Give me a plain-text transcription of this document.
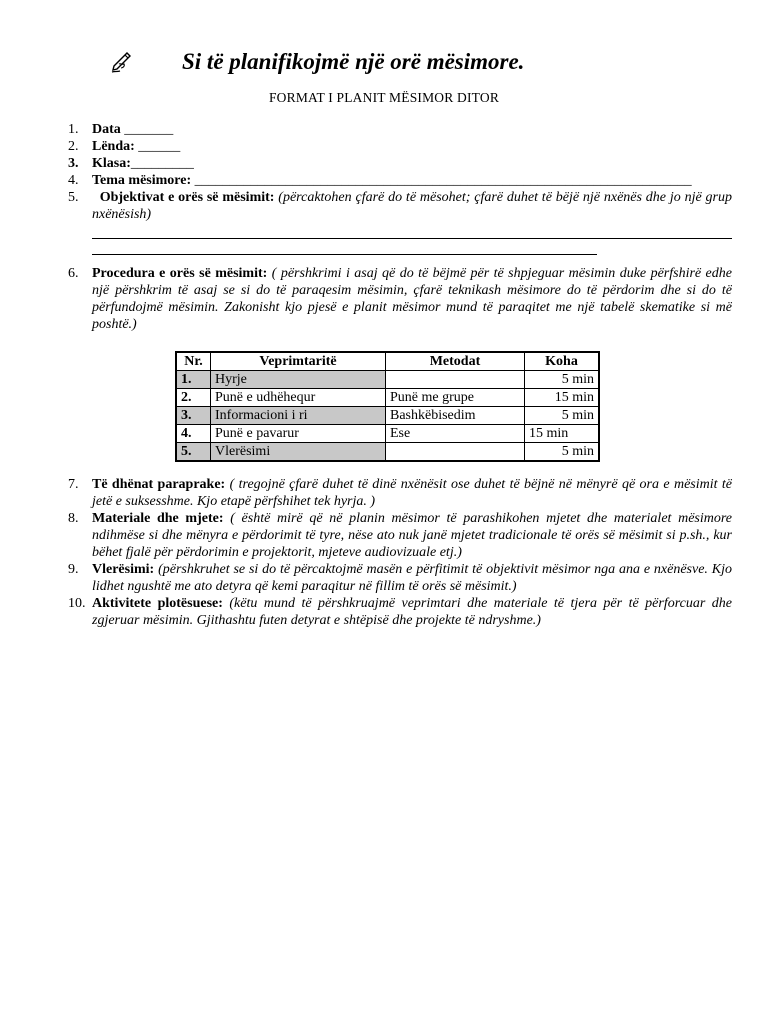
Si të planifikojmë një orë mësimore.
FORMAT I PLANIT MËSIMOR DITOR
1. Data _______
2. Lënda: ______
3. Klasa:_________
4. Tema mësimore: _______________________________________________________________________
5.	Objektivat e orës së mësimit: (përcaktohen çfarë do të mësohet; çfarë duhet të bëjë një nxënës dhe jo një grup nxënësish)
6. Procedura e orës së mësimit: ( përshkrimi i asaj që do të bëjmë për të shpjeguar mësimin duke përfshirë edhe një përshkrim të asaj se si do të paraqesim mësimin, çfarë teknikash mësimore do të përdorim dhe si do të përfundojmë mësimin. Zakonisht kjo pjesë e planit mësimor mund të paraqitet me një tabelë skematike si më poshtë.)
Nr.	Veprimtaritë	Metodat	Koha
1.	Hyrje		5 min
2.	Punë e udhëhequr	Punë me grupe	15 min
3.	Informacioni i ri	Bashkëbisedim	5 min
4.	Punë e pavarur	Ese	15 min
5.	Vlerësimi		5 min
7. Të dhënat paraprake: ( tregojnë çfarë duhet të dinë nxënësit ose duhet të bëjnë në mënyrë që ora e mësimit të jetë e suksesshme. Kjo etapë përfshihet tek hyrja. )
8. Materiale dhe mjete: ( është mirë që në planin mësimor të parashikohen mjetet dhe materialet mësimore ndihmëse si dhe mënyra e përdorimit të tyre, nëse ato nuk janë mjetet tradicionale të orës së mësimit si p.sh., kur bëhet fjalë për përdorimin e projektorit, mjeteve audiovizuale etj.)
9. Vlerësimi: (përshkruhet se si do të përcaktojmë masën e përfitimit të objektivit mësimor nga ana e nxënësve. Kjo lidhet ngushtë me ato detyra që kemi paraqitur në fillim të orës së mësimit.)
10. Aktivitete plotësuese: (këtu mund të përshkruajmë veprimtari dhe materiale të tjera për të përforcuar dhe zgjeruar mësimin. Gjithashtu futen detyrat e shtëpisë dhe projekte të ndryshme.)
